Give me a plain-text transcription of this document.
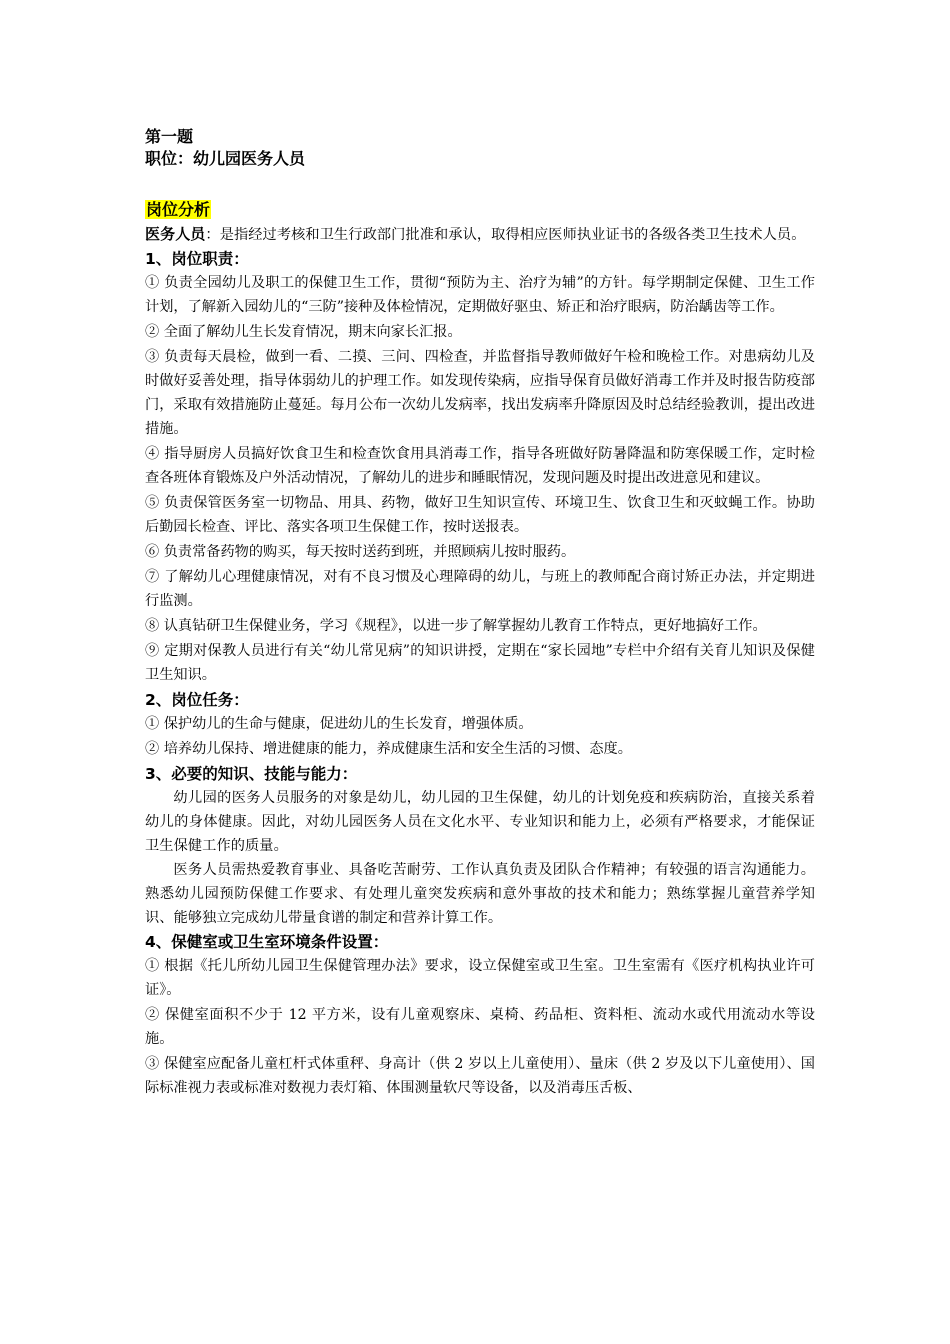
第一题
职位：幼儿园医务人员
岗位分析
医务人员：是指经过考核和卫生行政部门批准和承认，取得相应医师执业证书的各级各类卫生技术人员。
1、岗位职责：
① 负责全园幼儿及职工的保健卫生工作，贯彻“预防为主、治疗为辅”的方针。每学期制定保健、卫生工作计划，了解新入园幼儿的“三防”接种及体检情况，定期做好驱虫、矫正和治疗眼病，防治龋齿等工作。
② 全面了解幼儿生长发育情况，期末向家长汇报。
③ 负责每天晨检，做到一看、二摸、三问、四检查，并监督指导教师做好午检和晚检工作。对患病幼儿及时做好妥善处理，指导体弱幼儿的护理工作。如发现传染病，应指导保育员做好消毒工作并及时报告防疫部门，采取有效措施防止蔓延。每月公布一次幼儿发病率，找出发病率升降原因及时总结经验教训，提出改进措施。
④ 指导厨房人员搞好饮食卫生和检查饮食用具消毒工作，指导各班做好防暑降温和防寒保暖工作，定时检查各班体育锻炼及户外活动情况，了解幼儿的进步和睡眠情况，发现问题及时提出改进意见和建议。
⑤ 负责保管医务室一切物品、用具、药物，做好卫生知识宣传、环境卫生、饮食卫生和灭蚊蝇工作。协助后勤园长检查、评比、落实各项卫生保健工作，按时送报表。
⑥ 负责常备药物的购买，每天按时送药到班，并照顾病儿按时服药。
⑦ 了解幼儿心理健康情况，对有不良习惯及心理障碍的幼儿，与班上的教师配合商讨矫正办法，并定期进行监测。
⑧ 认真钻研卫生保健业务，学习《规程》，以进一步了解掌握幼儿教育工作特点，更好地搞好工作。
⑨ 定期对保教人员进行有关“幼儿常见病”的知识讲授，定期在“家长园地”专栏中介绍有关育儿知识及保健卫生知识。
2、岗位任务：
① 保护幼儿的生命与健康，促进幼儿的生长发育，增强体质。
② 培养幼儿保持、增进健康的能力，养成健康生活和安全生活的习惯、态度。
3、必要的知识、技能与能力：
幼儿园的医务人员服务的对象是幼儿，幼儿园的卫生保健，幼儿的计划免疫和疾病防治，直接关系着幼儿的身体健康。因此，对幼儿园医务人员在文化水平、专业知识和能力上，必须有严格要求，才能保证卫生保健工作的质量。
医务人员需热爱教育事业、具备吃苦耐劳、工作认真负责及团队合作精神；有较强的语言沟通能力。熟悉幼儿园预防保健工作要求、有处理儿童突发疾病和意外事故的技术和能力；熟练掌握儿童营养学知识、能够独立完成幼儿带量食谱的制定和营养计算工作。
4、保健室或卫生室环境条件设置：
① 根据《托儿所幼儿园卫生保健管理办法》要求，设立保健室或卫生室。卫生室需有《医疗机构执业许可证》。
② 保健室面积不少于 12 平方米，设有儿童观察床、桌椅、药品柜、资料柜、流动水或代用流动水等设施。
③ 保健室应配备儿童杠杆式体重秤、身高计（供 2 岁以上儿童使用）、量床（供 2 岁及以下儿童使用）、国际标准视力表或标准对数视力表灯箱、体围测量软尺等设备，以及消毒压舌板、
